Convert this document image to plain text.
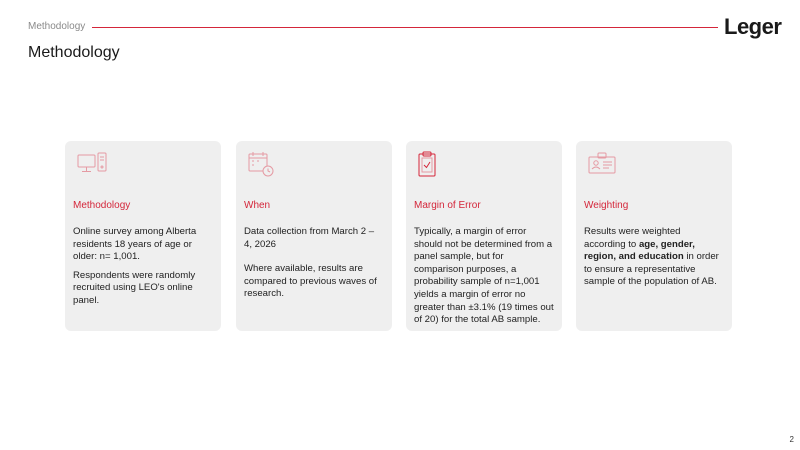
Methodology	Leger
Methodology
Methodology

Online survey among Alberta residents 18 years of age or older: n= 1,001.

Respondents were randomly recruited using LEO's online panel.

When

Data collection from March 2 – 4, 2026

Where available, results are compared to previous waves of research.

Margin of Error

Typically, a margin of error should not be determined from a panel sample, but for comparison purposes, a probability sample of n=1,001 yields a margin of error no greater than ±3.1% (19 times out of 20) for the total AB sample.

Weighting

Results were weighted according to age, gender, region, and education in order to ensure a representative sample of the population of AB.

2
